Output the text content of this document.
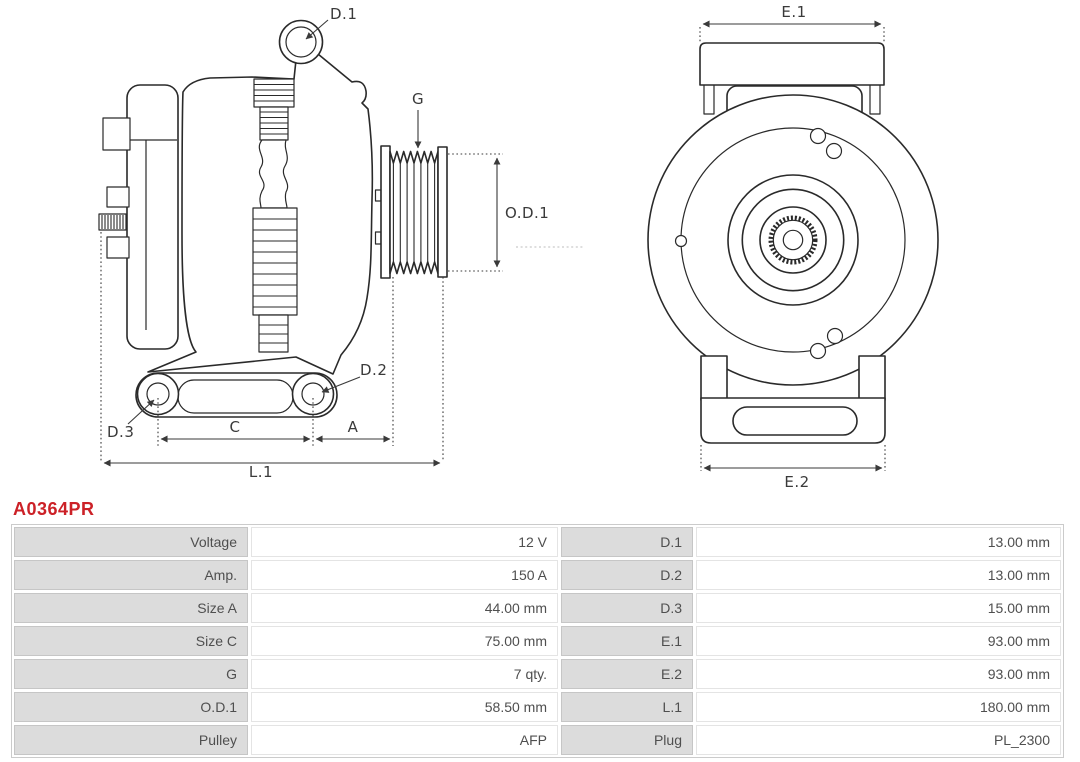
D.1
G
O.D.1
D.2
D.3	C	A
L.1
E.1
E.2
A0364PR
Voltage	12 V	D.1	13.00 mm
Amp.	150 A	D.2	13.00 mm
Size A	44.00 mm	D.3	15.00 mm
Size C	75.00 mm	E.1	93.00 mm
G	7 qty.	E.2	93.00 mm
O.D.1	58.50 mm	L.1	180.00 mm
Pulley	AFP	Plug	PL_2300
